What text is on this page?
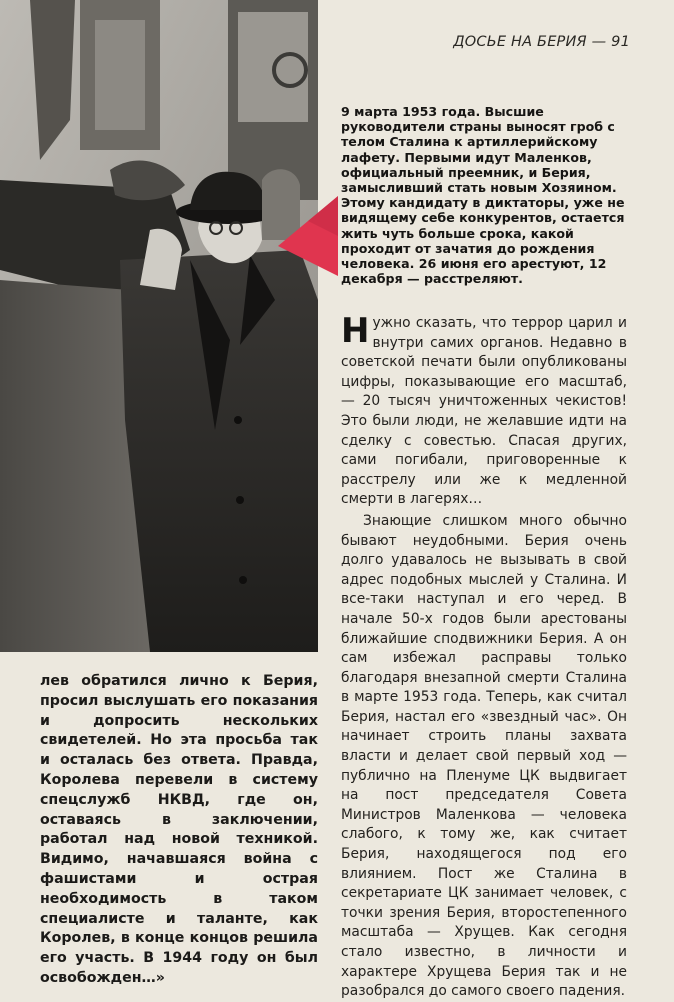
ДОСЬЕ НА БЕРИЯ — 91
9 марта 1953 года. Высшие руководители страны выносят гроб с телом Сталина к артиллерийскому лафету. Первыми идут Маленков, официальный преемник, и Берия, замысливший стать новым Хозяином. Этому кандидату в диктаторы, уже не видящему себе конкурентов, остается жить чуть больше срока, какой проходит от зачатия до рождения человека. 26 июня его арестуют, 12 декабря — расстреляют.

Нужно сказать, что террор царил и внутри самих органов. Недавно в советской печати были опубликованы цифры, показывающие его масштаб, — 20 тысяч уничтоженных чекистов! Это были люди, не желавшие идти на сделку с совестью. Спасая других, сами погибали, приговоренные к расстрелу или же к медленной смерти в лагерях…

Знающие слишком много обычно бывают неудобными. Берия очень долго удавалось не вызывать в свой адрес подобных мыслей у Сталина. И все-таки наступал и его черед. В начале 50-х годов были арестованы ближайшие сподвижники Берия. А он сам избежал расправы только благодаря внезапной смерти Сталина в марте 1953 года. Теперь, как считал Берия, настал его «звездный час». Он начинает строить планы захвата власти и делает свой первый ход — публично на Пленуме ЦК выдвигает на пост председателя Совета Министров Маленкова — человека слабого, к тому же, как считает Берия, находящегося под его влиянием. Пост же Сталина в секретариате ЦК занимает человек, с точки зрения Берия, второстепенного масштаба — Хрущев. Как сегодня стало известно, в личности и характере Хрущева Берия так и не разобрался до самого своего падения.

лев обратился лично к Берия, просил выслушать его показания и допросить нескольких свидетелей. Но эта просьба так и осталась без ответа. Правда, Королева перевели в систему спецслужб НКВД, где он, оставаясь в заключении, работал над новой техникой. Видимо, начавшаяся война с фашистами и острая необходимость в таком специалисте и таланте, как Королев, в конце концов решила его участь. В 1944 году он был освобожден…»
